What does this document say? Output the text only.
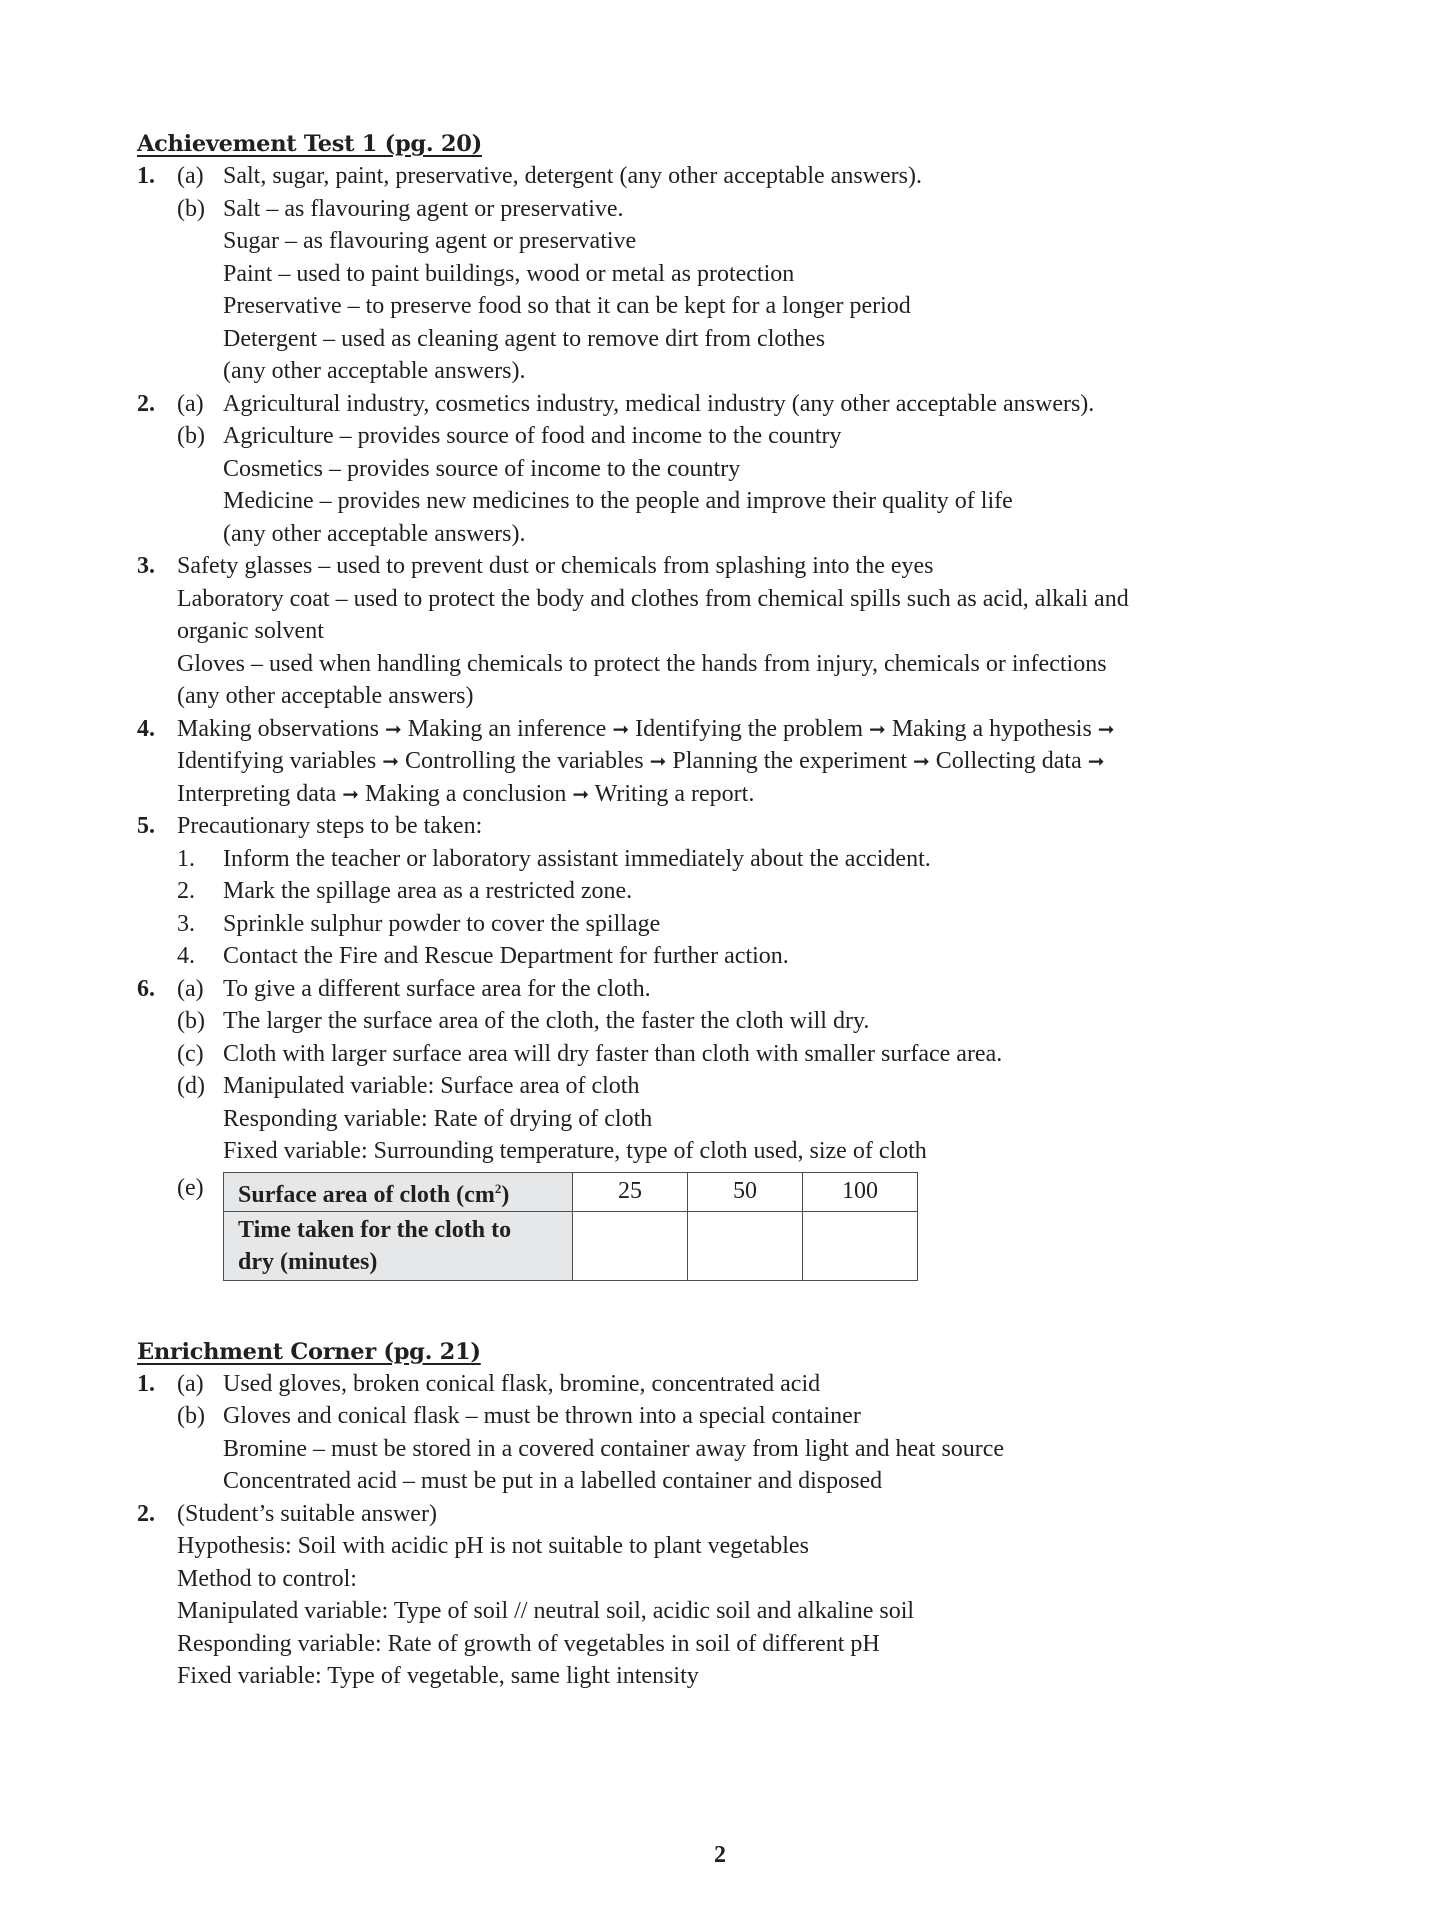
Achievement Test 1 (pg. 20)
1. (a) Salt, sugar, paint, preservative, detergent (any other acceptable answers).
(b) Salt – as flavouring agent or preservative.
Sugar – as flavouring agent or preservative
Paint – used to paint buildings, wood or metal as protection
Preservative – to preserve food so that it can be kept for a longer period
Detergent – used as cleaning agent to remove dirt from clothes
(any other acceptable answers).
2. (a) Agricultural industry, cosmetics industry, medical industry (any other acceptable answers).
(b) Agriculture – provides source of food and income to the country
Cosmetics – provides source of income to the country
Medicine – provides new medicines to the people and improve their quality of life
(any other acceptable answers).
3. Safety glasses – used to prevent dust or chemicals from splashing into the eyes
Laboratory coat – used to protect the body and clothes from chemical spills such as acid, alkali and
organic solvent
Gloves – used when handling chemicals to protect the hands from injury, chemicals or infections
(any other acceptable answers)
4. Making observations ➞ Making an inference ➞ Identifying the problem ➞ Making a hypothesis ➞
Identifying variables ➞ Controlling the variables ➞ Planning the experiment ➞ Collecting data ➞
Interpreting data ➞ Making a conclusion ➞ Writing a report.
5. Precautionary steps to be taken:
1. Inform the teacher or laboratory assistant immediately about the accident.
2. Mark the spillage area as a restricted zone.
3. Sprinkle sulphur powder to cover the spillage
4. Contact the Fire and Rescue Department for further action.
6. (a) To give a different surface area for the cloth.
(b) The larger the surface area of the cloth, the faster the cloth will dry.
(c) Cloth with larger surface area will dry faster than cloth with smaller surface area.
(d) Manipulated variable: Surface area of cloth
Responding variable: Rate of drying of cloth
Fixed variable: Surrounding temperature, type of cloth used, size of cloth
(e) Surface area of cloth $(cm^2)$	25	50	100
Time taken for the cloth to
dry (minutes)			
Enrichment Corner (pg. 21)
1. (a) Used gloves, broken conical flask, bromine, concentrated acid
(b) Gloves and conical flask – must be thrown into a special container
Bromine – must be stored in a covered container away from light and heat source
Concentrated acid – must be put in a labelled container and disposed
2. (Student’s suitable answer)
Hypothesis: Soil with acidic pH is not suitable to plant vegetables
Method to control:
Manipulated variable: Type of soil // neutral soil, acidic soil and alkaline soil
Responding variable: Rate of growth of vegetables in soil of different pH
Fixed variable: Type of vegetable, same light intensity
2
